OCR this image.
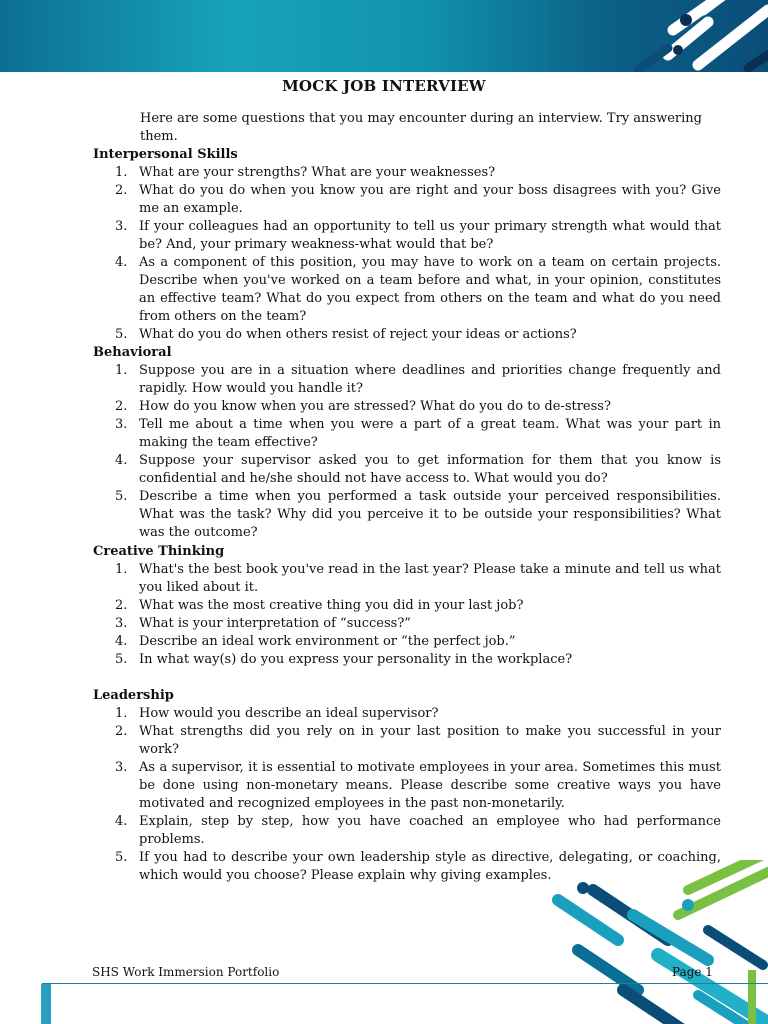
MOCK JOB INTERVIEW
Here are some questions that you may encounter during an interview. Try answering them.
Interpersonal Skills
1. What are your strengths? What are your weaknesses?
2. What do you do when you know you are right and your boss disagrees with you? Give me an example.
3. If your colleagues had an opportunity to tell us your primary strength what would that be? And, your primary weakness-what would that be?
4. As a component of this position, you may have to work on a team on certain projects. Describe when you've worked on a team before and what, in your opinion, constitutes an effective team? What do you expect from others on the team and what do you need from others on the team?
5. What do you do when others resist of reject your ideas or actions?
Behavioral
1. Suppose you are in a situation where deadlines and priorities change frequently and rapidly. How would you handle it?
2. How do you know when you are stressed? What do you do to de-stress?
3. Tell me about a time when you were a part of a great team. What was your part in making the team effective?
4. Suppose your supervisor asked you to get information for them that you know is confidential and he/she should not have access to. What would you do?
5. Describe a time when you performed a task outside your perceived responsibilities. What was the task? Why did you perceive it to be outside your responsibilities? What was the outcome?
Creative Thinking
1. What's the best book you've read in the last year? Please take a minute and tell us what you liked about it.
2. What was the most creative thing you did in your last job?
3. What is your interpretation of “success?”
4. Describe an ideal work environment or “the perfect job.”
5. In what way(s) do you express your personality in the workplace?
Leadership
1. How would you describe an ideal supervisor?
2. What strengths did you rely on in your last position to make you successful in your work?
3. As a supervisor, it is essential to motivate employees in your area. Sometimes this must be done using non-monetary means. Please describe some creative ways you have motivated and recognized employees in the past non-monetarily.
4. Explain, step by step, how you have coached an employee who had performance problems.
5. If you had to describe your own leadership style as directive, delegating, or coaching, which would you choose? Please explain why giving examples.
SHS Work Immersion Portfolio	Page 1
